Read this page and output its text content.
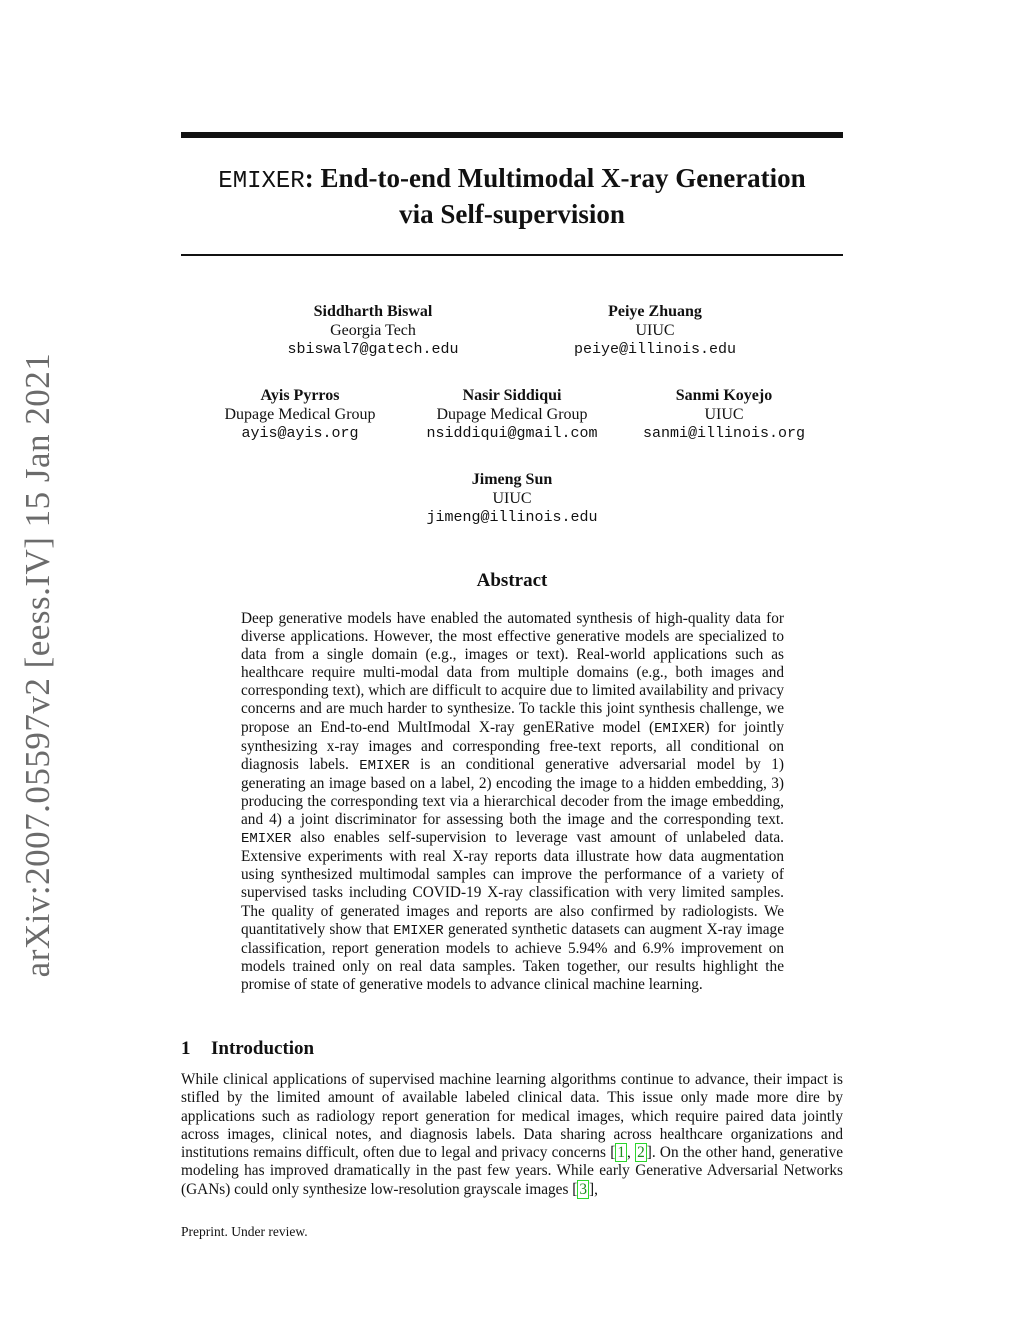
arXiv:2007.05597v2 [eess.IV] 15 Jan 2021
EMIXER: End-to-end Multimodal X-ray Generation
via Self-supervision
Siddharth Biswal
Georgia Tech
sbiswal7@gatech.edu
Peiye Zhuang
UIUC
peiye@illinois.edu
Ayis Pyrros
Dupage Medical Group
ayis@ayis.org
Nasir Siddiqui
Dupage Medical Group
nsiddiqui@gmail.com
Sanmi Koyejo
UIUC
sanmi@illinois.org
Jimeng Sun
UIUC
jimeng@illinois.edu
Abstract
Deep generative models have enabled the automated synthesis of high-quality data for diverse applications. However, the most effective generative models are specialized to data from a single domain (e.g., images or text). Real-world applications such as healthcare require multi-modal data from multiple domains (e.g., both images and corresponding text), which are difficult to acquire due to limited availability and privacy concerns and are much harder to synthesize. To tackle this joint synthesis challenge, we propose an End-to-end MultImodal X-ray genERative model (EMIXER) for jointly synthesizing x-ray images and corresponding free-text reports, all conditional on diagnosis labels. EMIXER is an conditional generative adversarial model by 1) generating an image based on a label, 2) encoding the image to a hidden embedding, 3) producing the corresponding text via a hierarchical decoder from the image embedding, and 4) a joint discriminator for assessing both the image and the corresponding text. EMIXER also enables self-supervision to leverage vast amount of unlabeled data. Extensive experiments with real X-ray reports data illustrate how data augmentation using synthesized multimodal samples can improve the performance of a variety of supervised tasks including COVID-19 X-ray classification with very limited samples. The quality of generated images and reports are also confirmed by radiologists. We quantitatively show that EMIXER generated synthetic datasets can augment X-ray image classification, report generation models to achieve 5.94% and 6.9% improvement on models trained only on real data samples. Taken together, our results highlight the promise of state of generative models to advance clinical machine learning.
1 Introduction
While clinical applications of supervised machine learning algorithms continue to advance, their impact is stifled by the limited amount of available labeled clinical data. This issue only made more dire by applications such as radiology report generation for medical images, which require paired data jointly across images, clinical notes, and diagnosis labels. Data sharing across healthcare organizations and institutions remains difficult, often due to legal and privacy concerns [ 1 , 2 ]. On the other hand, generative modeling has improved dramatically in the past few years. While early Generative Adversarial Networks (GANs) could only synthesize low-resolution grayscale images [ 3 ],
Preprint. Under review.
